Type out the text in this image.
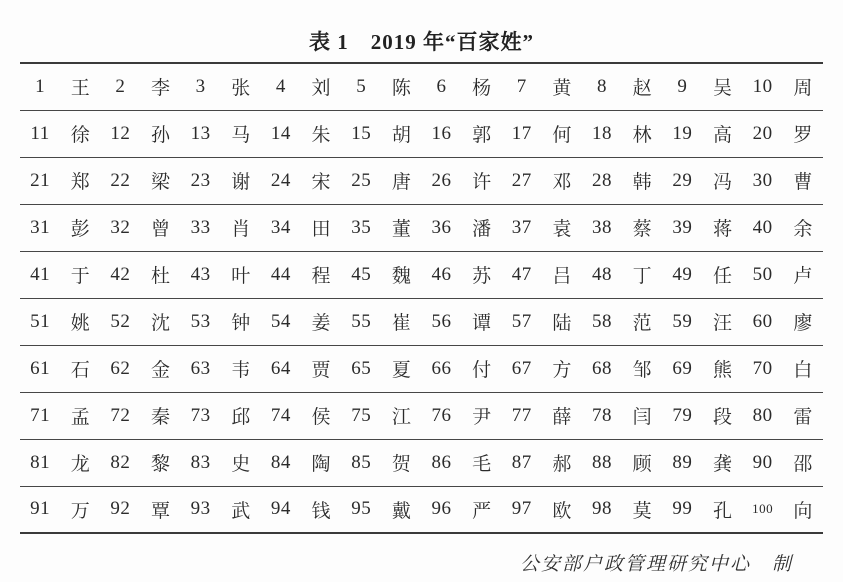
表 1　2019 年“百家姓”
1	王	2	李	3	张	4	刘	5	陈	6	杨	7	黄	8	赵	9	吴	10	周
11	徐	12	孙	13	马	14	朱	15	胡	16	郭	17	何	18	林	19	高	20	罗
21	郑	22	梁	23	谢	24	宋	25	唐	26	许	27	邓	28	韩	29	冯	30	曹
31	彭	32	曾	33	肖	34	田	35	董	36	潘	37	袁	38	蔡	39	蒋	40	余
41	于	42	杜	43	叶	44	程	45	魏	46	苏	47	吕	48	丁	49	任	50	卢
51	姚	52	沈	53	钟	54	姜	55	崔	56	谭	57	陆	58	范	59	汪	60	廖
61	石	62	金	63	韦	64	贾	65	夏	66	付	67	方	68	邹	69	熊	70	白
71	孟	72	秦	73	邱	74	侯	75	江	76	尹	77	薛	78	闫	79	段	80	雷
81	龙	82	黎	83	史	84	陶	85	贺	86	毛	87	郝	88	顾	89	龚	90	邵
91	万	92	覃	93	武	94	钱	95	戴	96	严	97	欧	98	莫	99	孔	100	向
公安部户政管理研究中心　制
